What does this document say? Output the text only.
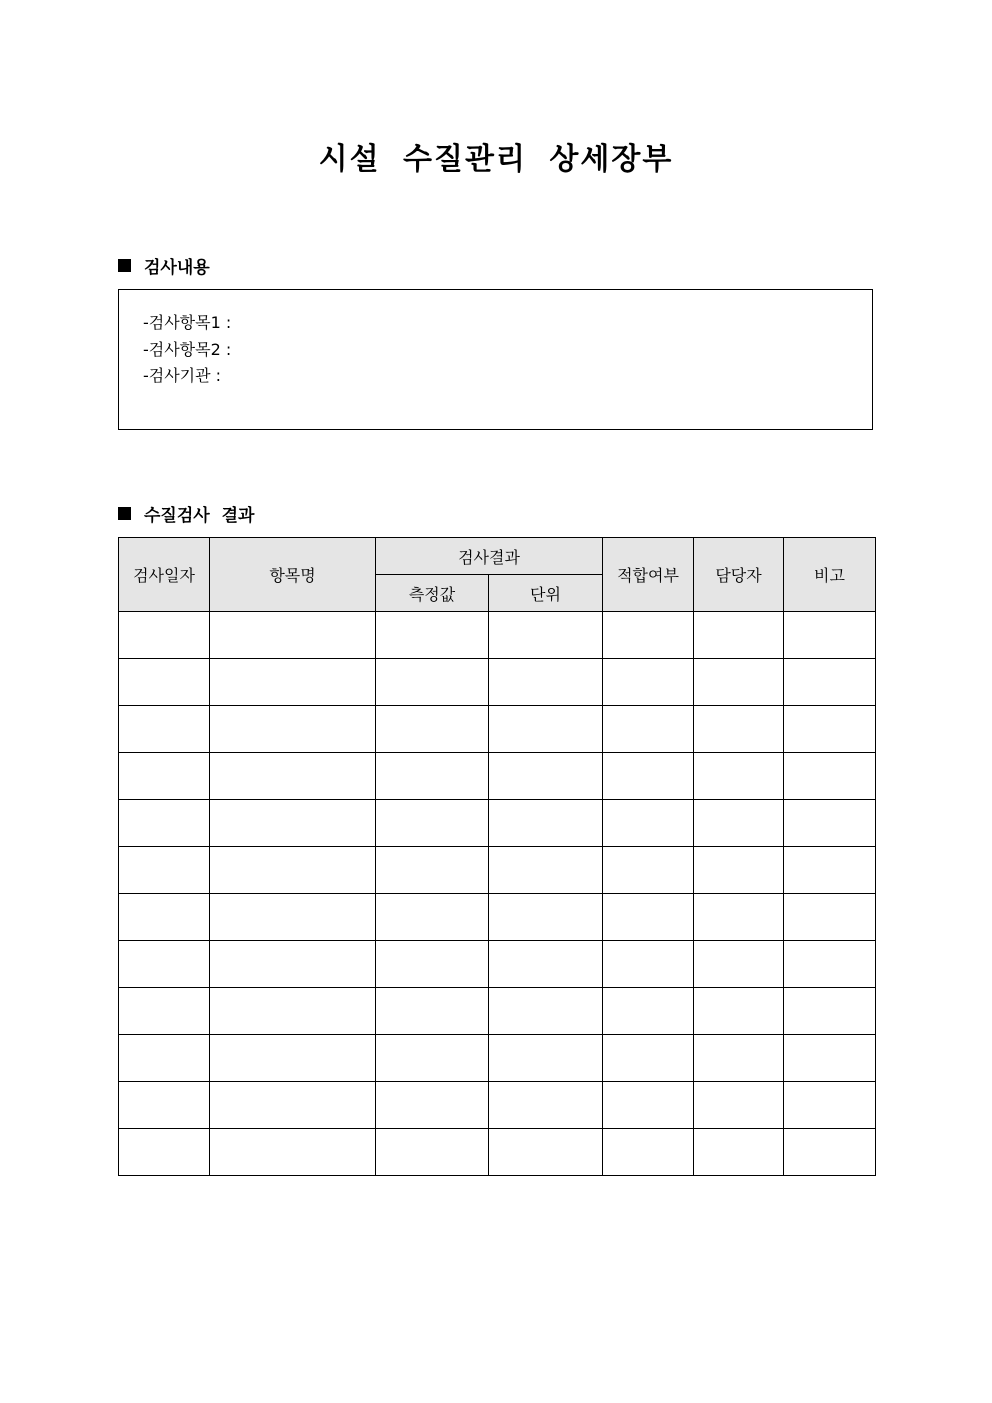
시설 수질관리 상세장부
검사내용
-검사항목1 :
-검사항목2 :
-검사기관 :
수질검사 결과
검사일자	항목명	검사결과		적합여부	담당자	비고
		측정값	단위			
